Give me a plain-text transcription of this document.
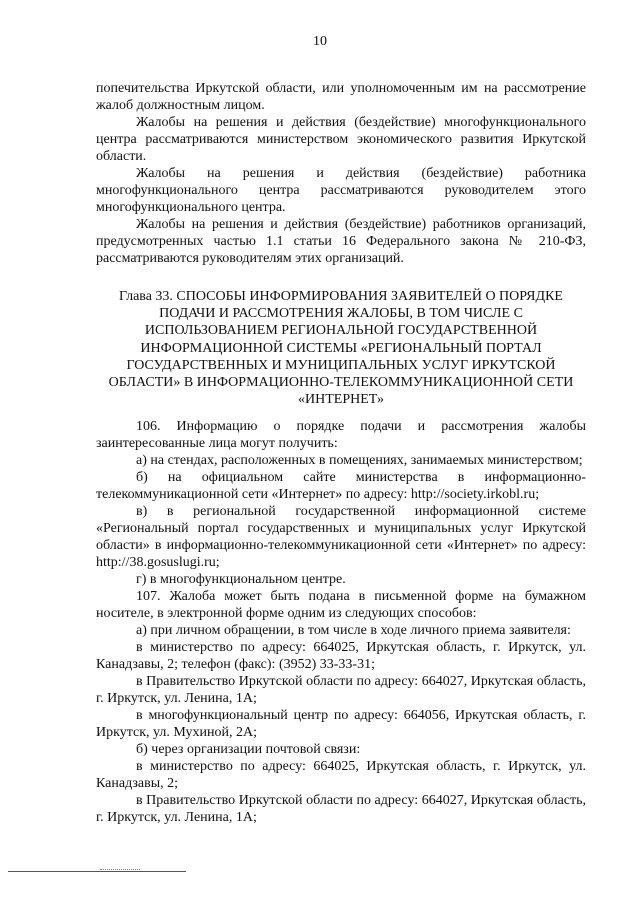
10

попечительства Иркутской области, или уполномоченным им на рассмотрение жалоб должностным лицом.

Жалобы на решения и действия (бездействие) многофункционального центра рассматриваются министерством экономического развития Иркутской области.

Жалобы на решения и действия (бездействие) работника многофункционального центра рассматриваются руководителем этого многофункционального центра.

Жалобы на решения и действия (бездействие) работников организаций, предусмотренных частью 1.1 статьи 16 Федерального закона № 210-ФЗ, рассматриваются руководителям этих организаций.

Глава 33. СПОСОБЫ ИНФОРМИРОВАНИЯ ЗАЯВИТЕЛЕЙ О ПОРЯДКЕ
ПОДАЧИ И РАССМОТРЕНИЯ ЖАЛОБЫ, В ТОМ ЧИСЛЕ С
ИСПОЛЬЗОВАНИЕМ РЕГИОНАЛЬНОЙ ГОСУДАРСТВЕННОЙ
ИНФОРМАЦИОННОЙ СИСТЕМЫ «РЕГИОНАЛЬНЫЙ ПОРТАЛ
ГОСУДАРСТВЕННЫХ И МУНИЦИПАЛЬНЫХ УСЛУГ ИРКУТСКОЙ
ОБЛАСТИ» В ИНФОРМАЦИОННО-ТЕЛЕКОММУНИКАЦИОННОЙ СЕТИ
«ИНТЕРНЕТ»

106. Информацию о порядке подачи и рассмотрения жалобы заинтересованные лица могут получить:

а) на стендах, расположенных в помещениях, занимаемых министерством;

б) на официальном сайте министерства в информационно-телекоммуникационной сети «Интернет» по адресу: http://society.irkobl.ru;

в) в региональной государственной информационной системе «Региональный портал государственных и муниципальных услуг Иркутской области» в информационно-телекоммуникационной сети «Интернет» по адресу: http://38.gosuslugi.ru;

г) в многофункциональном центре.

107. Жалоба может быть подана в письменной форме на бумажном носителе, в электронной форме одним из следующих способов:

а) при личном обращении, в том числе в ходе личного приема заявителя:

в министерство по адресу: 664025, Иркутская область, г. Иркутск, ул. Канадзавы, 2; телефон (факс): (3952) 33-33-31;

в Правительство Иркутской области по адресу: 664027, Иркутская область, г. Иркутск, ул. Ленина, 1А;

в многофункциональный центр по адресу: 664056, Иркутская область, г. Иркутск, ул. Мухиной, 2А;

б) через организации почтовой связи:

в министерство по адресу: 664025, Иркутская область, г. Иркутск, ул. Канадзавы, 2;

в Правительство Иркутской области по адресу: 664027, Иркутская область, г. Иркутск, ул. Ленина, 1А;
